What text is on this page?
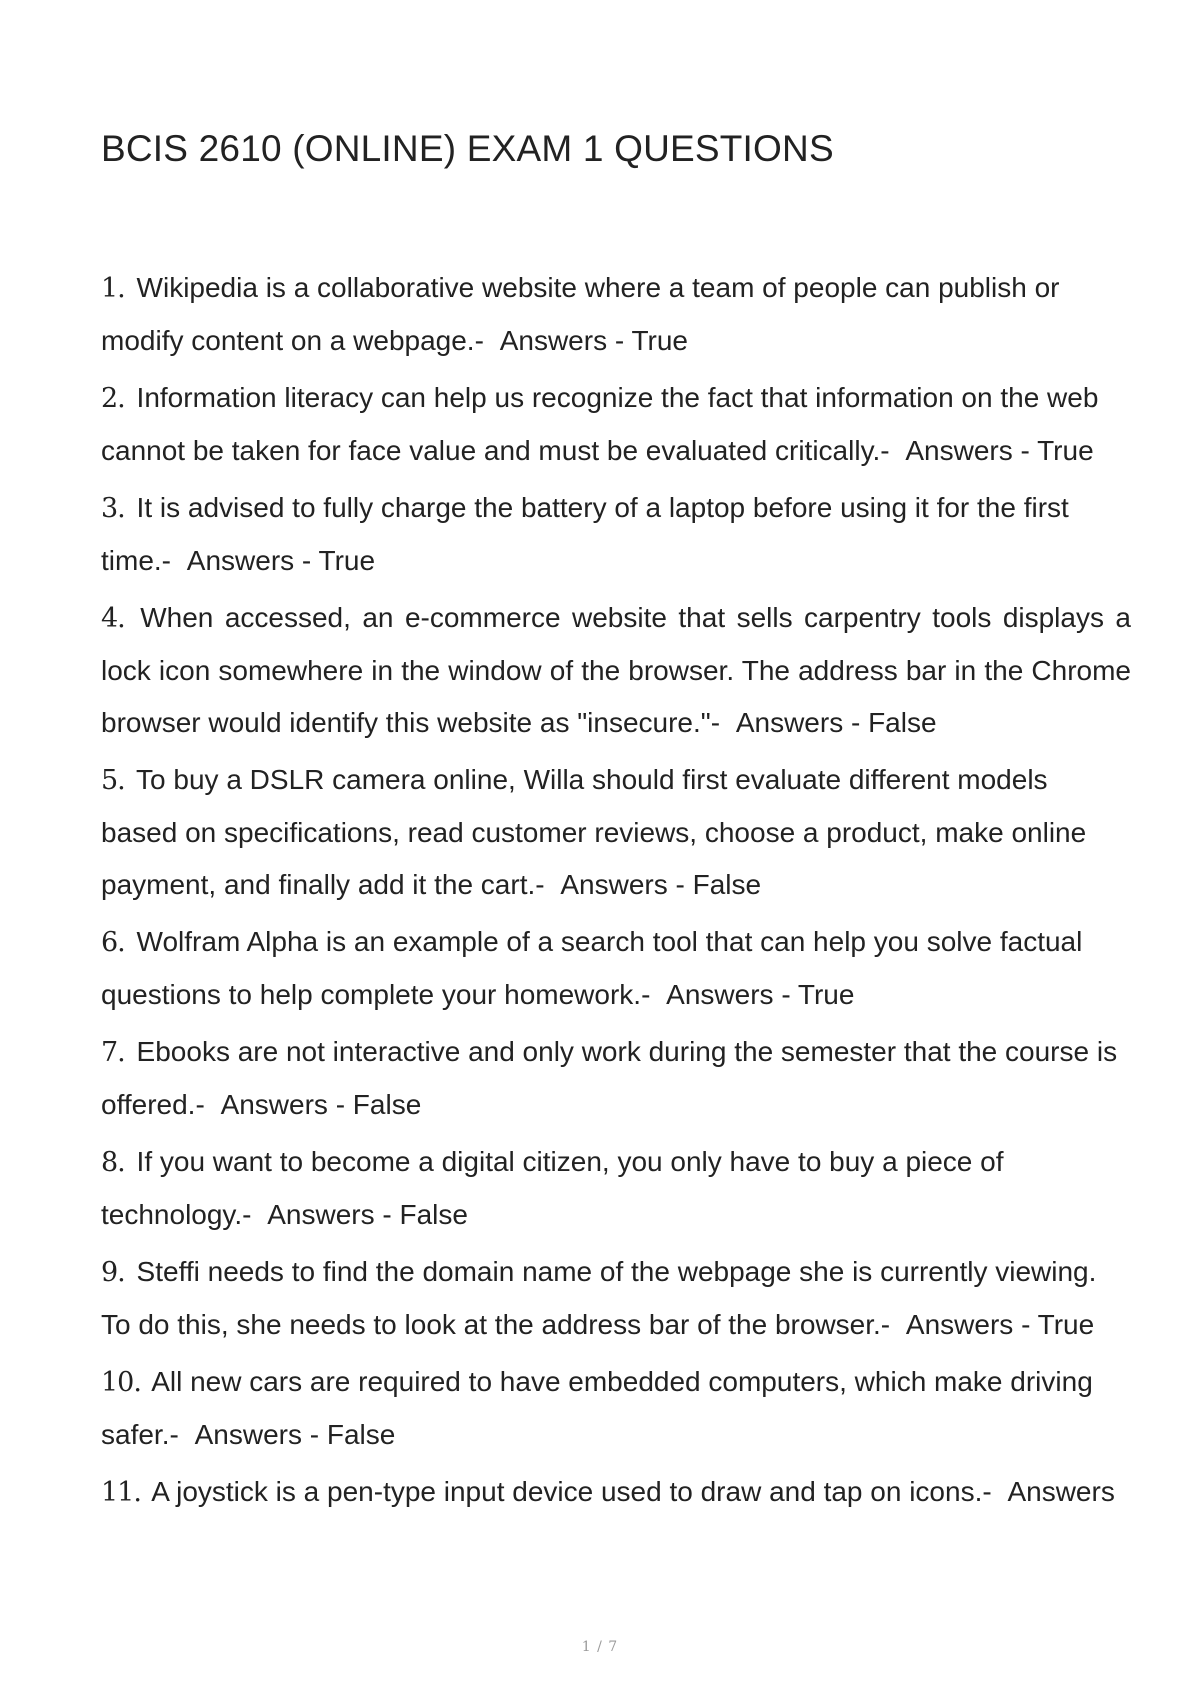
BCIS 2610 (ONLINE) EXAM 1 QUESTIONS
1. Wikipedia is a collaborative website where a team of people can publish or modify content on a webpage.- Answers - True
2. Information literacy can help us recognize the fact that information on the web cannot be taken for face value and must be evaluated critically.- Answers - True
3. It is advised to fully charge the battery of a laptop before using it for the first time.- Answers - True
4. When accessed, an e-commerce website that sells carpentry tools displays a lock icon somewhere in the window of the browser. The address bar in the Chrome browser would identify this website as "insecure."- Answers - False
5. To buy a DSLR camera online, Willa should first evaluate different models based on specifications, read customer reviews, choose a product, make online payment, and finally add it the cart.- Answers - False
6. Wolfram Alpha is an example of a search tool that can help you solve factual questions to help complete your homework.- Answers - True
7. Ebooks are not interactive and only work during the semester that the course is offered.- Answers - False
8. If you want to become a digital citizen, you only have to buy a piece of technology.- Answers - False
9. Steffi needs to find the domain name of the webpage she is currently viewing. To do this, she needs to look at the address bar of the browser.- Answers - True
10. All new cars are required to have embedded computers, which make driving safer.- Answers - False
11. A joystick is a pen-type input device used to draw and tap on icons.- Answers
1 / 7
